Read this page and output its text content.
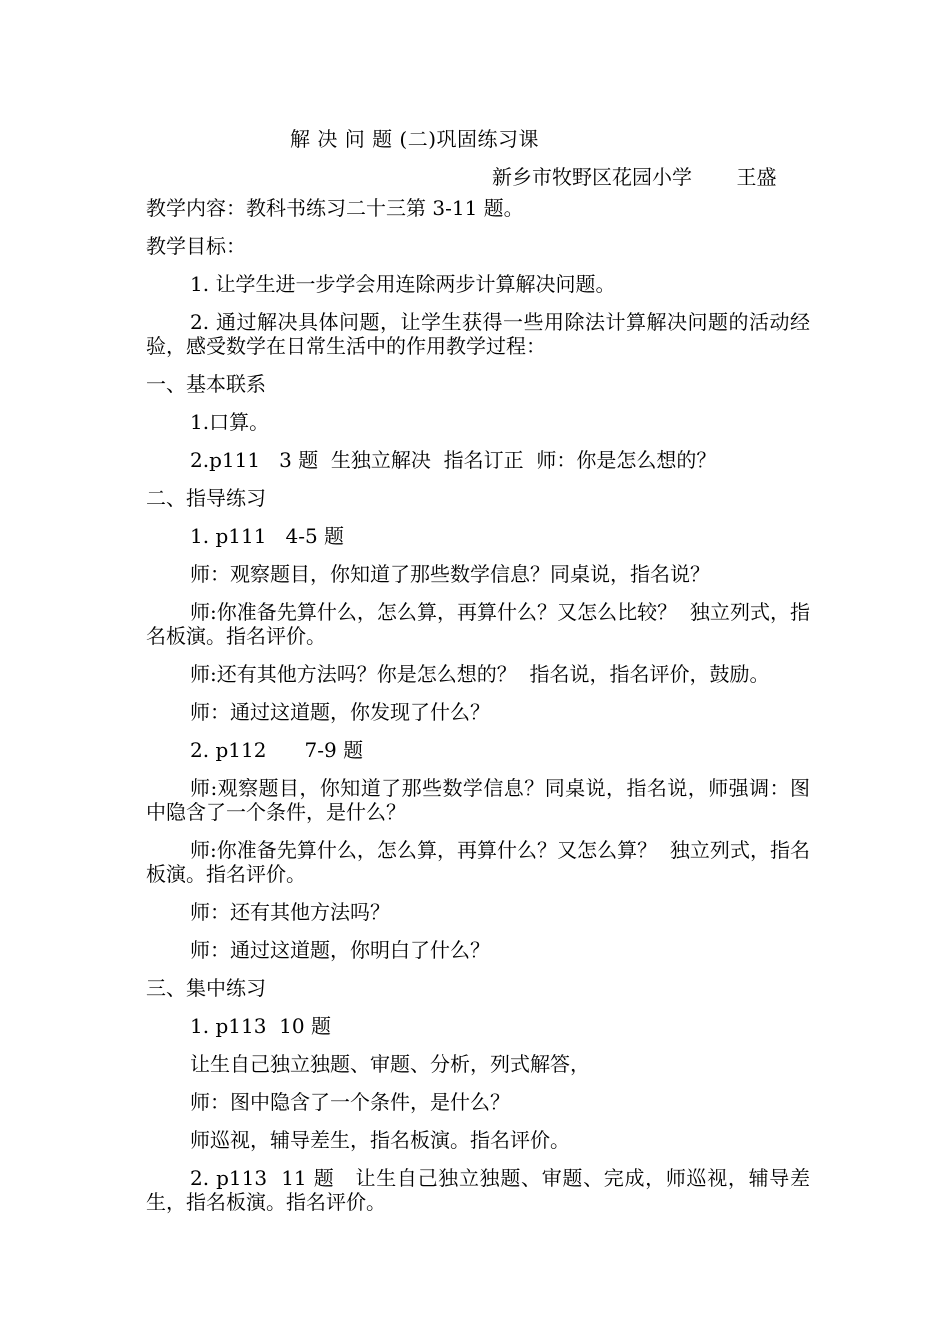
解 决 问 题 (二)巩固练习课
新乡市牧野区花园小学       王盛
教学内容：教科书练习二十三第 3-11 题。
教学目标：
1. 让学生进一步学会用连除两步计算解决问题。
2. 通过解决具体问题，让学生获得一些用除法计算解决问题的活动经验，感受数学在日常生活中的作用教学过程：
一、基本联系
1.口算。
2.p111   3 题  生独立解决  指名订正  师：你是怎么想的？
二、指导练习
1. p111   4-5 题
师：观察题目，你知道了那些数学信息？同桌说，指名说？
师:你准备先算什么，怎么算，再算什么？又怎么比较？  独立列式，指名板演。指名评价。
师:还有其他方法吗？你是怎么想的？  指名说，指名评价，鼓励。
师：通过这道题，你发现了什么？
2. p112      7-9 题
师:观察题目，你知道了那些数学信息？同桌说，指名说，师强调：图中隐含了一个条件，是什么？
师:你准备先算什么，怎么算，再算什么？又怎么算？  独立列式，指名板演。指名评价。
师：还有其他方法吗？
师：通过这道题，你明白了什么？
三、集中练习
1. p113  10 题
让生自己独立独题、审题、分析，列式解答，
师：图中隐含了一个条件，是什么？
师巡视，辅导差生，指名板演。指名评价。
2. p113  11 题   让生自己独立独题、审题、完成，师巡视，辅导差生，指名板演。指名评价。
